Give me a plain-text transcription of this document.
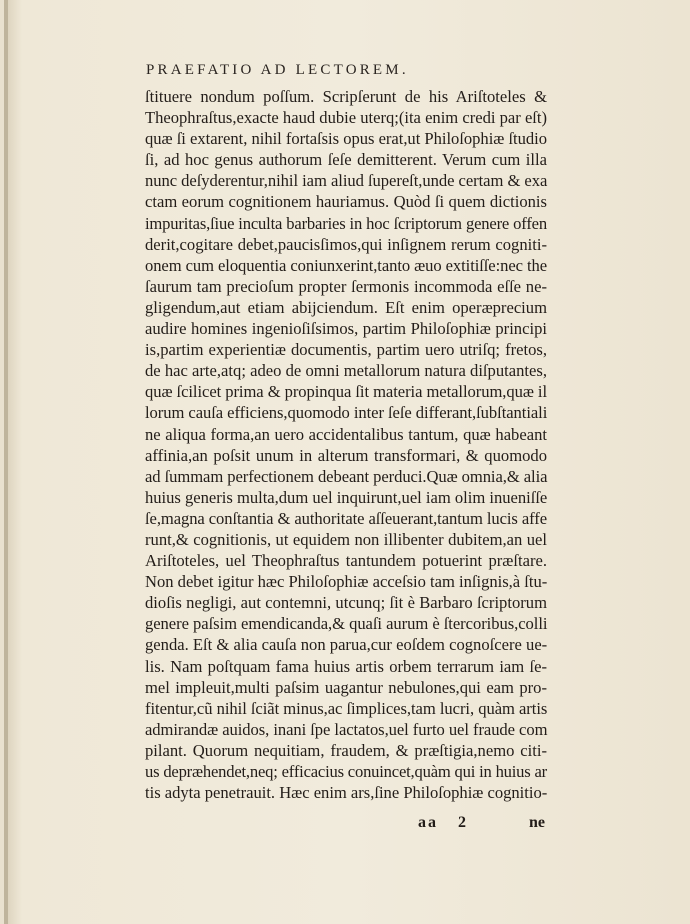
PRAEFATIO AD LECTOREM.
ſtituere nondum poſſum. Scripſerunt de his Ariſtoteles &
Theophraſtus,exacte haud dubie uterq;(ita enim credi par eſt)
quæ ſi extarent, nihil fortaſsis opus erat,ut Philoſophiæ ſtudio
ſi, ad hoc genus authorum ſeſe demitterent. Verum cum illa
nunc deſyderentur,nihil iam aliud ſupereſt,unde certam & exa
ctam eorum cognitionem hauriamus. Quòd ſi quem dictionis
impuritas,ſiue inculta barbaries in hoc ſcriptorum genere offen
derit,cogitare debet,paucisſimos,qui inſignem rerum cogniti-
onem cum eloquentia coniunxerint,tanto æuo extitiſſe:nec the
ſaurum tam precioſum propter ſermonis incommoda eſſe ne-
gligendum,aut etiam abijciendum. Eſt enim operæprecium
audire homines ingenioſiſsimos, partim Philoſophiæ principi
is,partim experientiæ documentis, partim uero utriſq; fretos,
de hac arte,atq; adeo de omni metallorum natura diſputantes,
quæ ſcilicet prima & propinqua ſit materia metallorum,quæ il
lorum cauſa efficiens,quomodo inter ſeſe differant,ſubſtantiali
ne aliqua forma,an uero accidentalibus tantum, quæ habeant
affinia,an poſsit unum in alterum transformari, & quomodo
ad ſummam perfectionem debeant perduci.Quæ omnia,& alia
huius generis multa,dum uel inquirunt,uel iam olim inueniſſe
ſe,magna conſtantia & authoritate aſſeuerant,tantum lucis affe
runt,& cognitionis, ut equidem non illibenter dubitem,an uel
Ariſtoteles, uel Theophraſtus tantundem potuerint præſtare.
Non debet igitur hæc Philoſophiæ acceſsio tam inſignis,à ſtu-
dioſis negligi, aut contemni, utcunq; ſit è Barbaro ſcriptorum
genere paſsim emendicanda,& quaſi aurum è ſtercoribus,colli
genda. Eſt & alia cauſa non parua,cur eoſdem cognoſcere ue-
lis. Nam poſtquam fama huius artis orbem terrarum iam ſe-
mel impleuit,multi paſsim uagantur nebulones,qui eam pro-
fitentur,cũ nihil ſciãt minus,ac ſimplices,tam lucri, quàm artis
admirandæ auidos, inani ſpe lactatos,uel furto uel fraude com
pilant. Quorum nequitiam, fraudem, & præſtigia,nemo citi-
us depræhendet,neq; efficacius conuincet,quàm qui in huius ar
tis adyta penetrauit. Hæc enim ars,ſine Philoſophiæ cognitio-
aa 2	ne
